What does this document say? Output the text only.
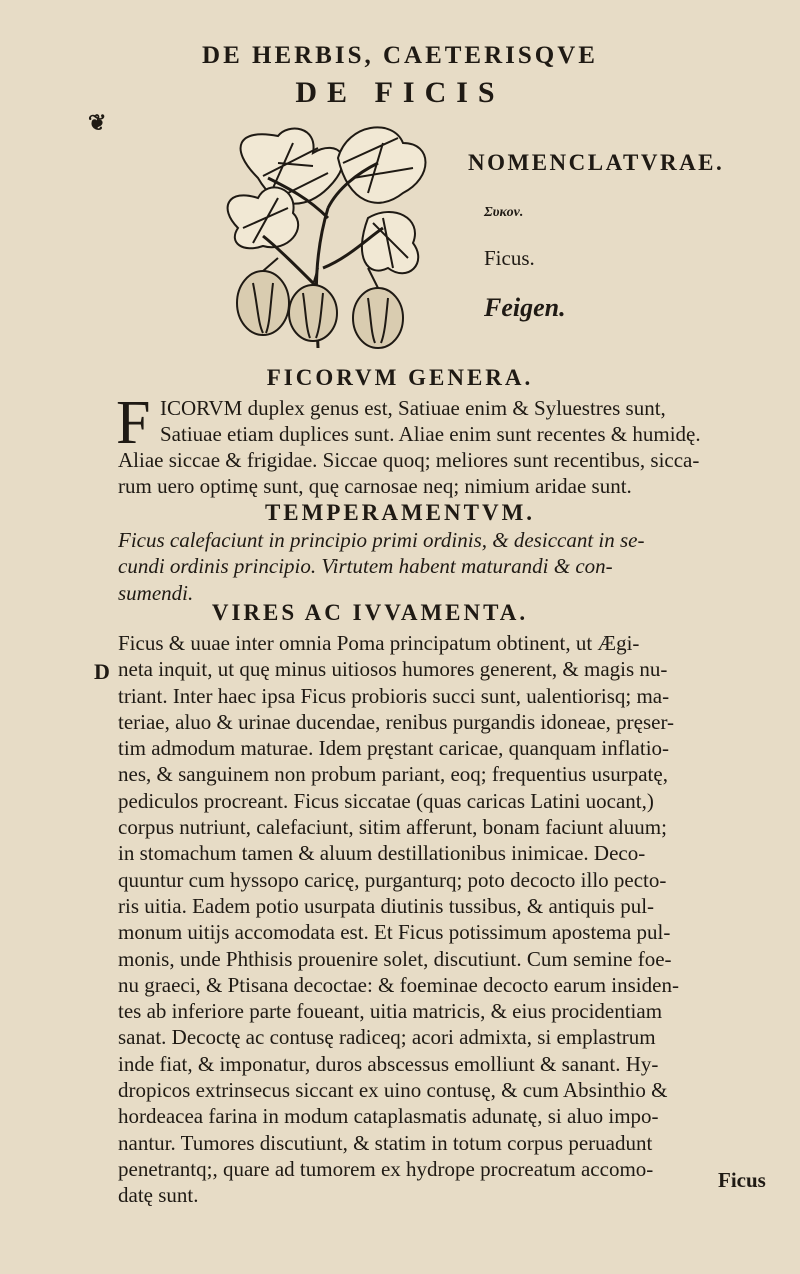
DE HERBIS, CAETERISQVE
DE FICIS
❦
NOMENCLATVRAE.
Συκον.
Ficus.
Feigen.
FICORVM GENERA.
F ICORVM duplex genus est, Satiuae enim & Syluestres sunt,
Satiuae etiam duplices sunt. Aliae enim sunt recentes & humidę.
Aliae siccae & frigidae. Siccae quoq; meliores sunt recentibus, sicca-
rum uero optimę sunt, quę carnosae neq; nimium aridae sunt.
TEMPERAMENTVM.
Ficus calefaciunt in principio primi ordinis, & desiccant in se-
cundi ordinis principio. Virtutem habent maturandi & con-
sumendi.
VIRES AC IVVAMENTA.
D
Ficus & uuae inter omnia Poma principatum obtinent, ut Ægi-
neta inquit, ut quę minus uitiosos humores generent, & magis nu-
triant. Inter haec ipsa Ficus probioris succi sunt, ualentiorisq; ma-
teriae, aluo & urinae ducendae, renibus purgandis idoneae, pręser-
tim admodum maturae. Idem pręstant caricae, quanquam inflatio-
nes, & sanguinem non probum pariant, eoq; frequentius usurpatę,
pediculos procreant. Ficus siccatae (quas caricas Latini uocant,)
corpus nutriunt, calefaciunt, sitim afferunt, bonam faciunt aluum;
in stomachum tamen & aluum destillationibus inimicae. Deco-
quuntur cum hyssopo caricę, purganturq; poto decocto illo pecto-
ris uitia. Eadem potio usurpata diutinis tussibus, & antiquis pul-
monum uitijs accomodata est. Et Ficus potissimum apostema pul-
monis, unde Phthisis prouenire solet, discutiunt. Cum semine foe-
nu graeci, & Ptisana decoctae: & foeminae decocto earum insiden-
tes ab inferiore parte foueant, uitia matricis, & eius procidentiam
sanat. Decoctę ac contusę radiceq; acori admixta, si emplastrum
inde fiat, & imponatur, duros abscessus emolliunt & sanant. Hy-
dropicos extrinsecus siccant ex uino contusę, & cum Absinthio &
hordeacea farina in modum cataplasmatis adunatę, si aluo impo-
nantur. Tumores discutiunt, & statim in totum corpus peruadunt
penetrantq;, quare ad tumorem ex hydrope procreatum accomo-
datę sunt.
Ficus
